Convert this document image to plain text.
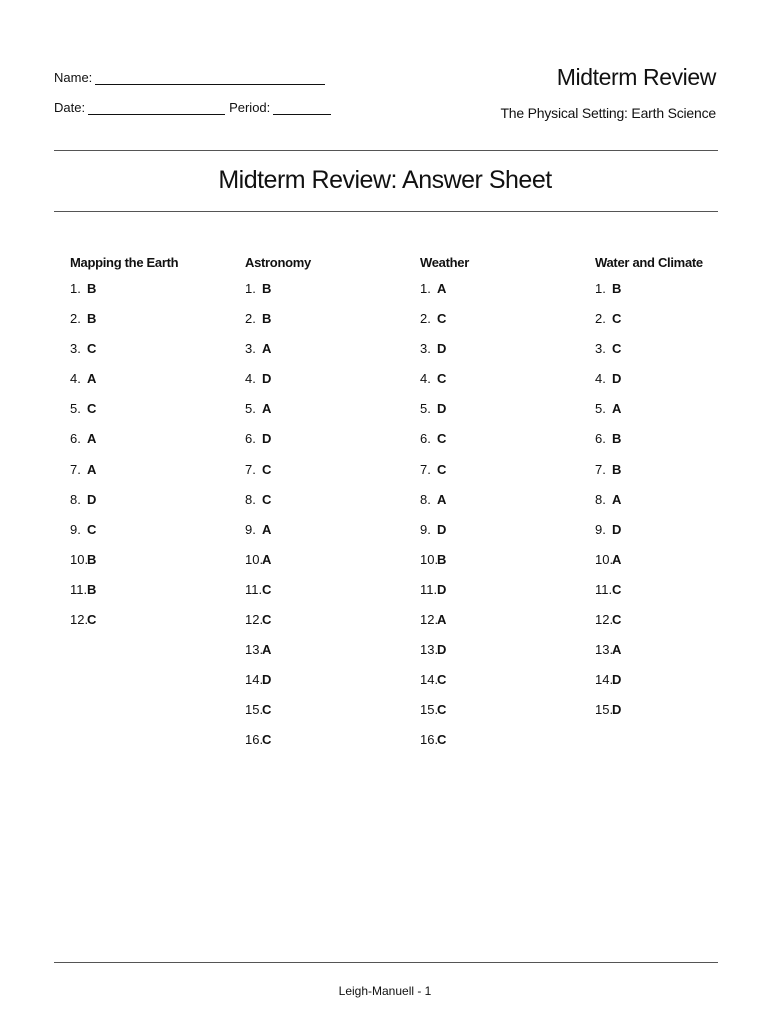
Name:
Date:	Period:
Midterm Review
The Physical Setting: Earth Science
Midterm Review: Answer Sheet
Mapping the Earth
1. B
2. B
3. C
4. A
5. C
6. A
7. A
8. D
9. C
10.B
11.B
12.C
Astronomy
1. B
2. B
3. A
4. D
5. A
6. D
7. C
8. C
9. A
10.A
11.C
12.C
13.A
14.D
15.C
16.C
Weather
1. A
2. C
3. D
4. C
5. D
6. C
7. C
8. A
9. D
10.B
11.D
12.A
13.D
14.C
15.C
16.C
Water and Climate
1. B
2. C
3. C
4. D
5. A
6. B
7. B
8. A
9. D
10.A
11.C
12.C
13.A
14.D
15.D
Leigh-Manuell - 1
